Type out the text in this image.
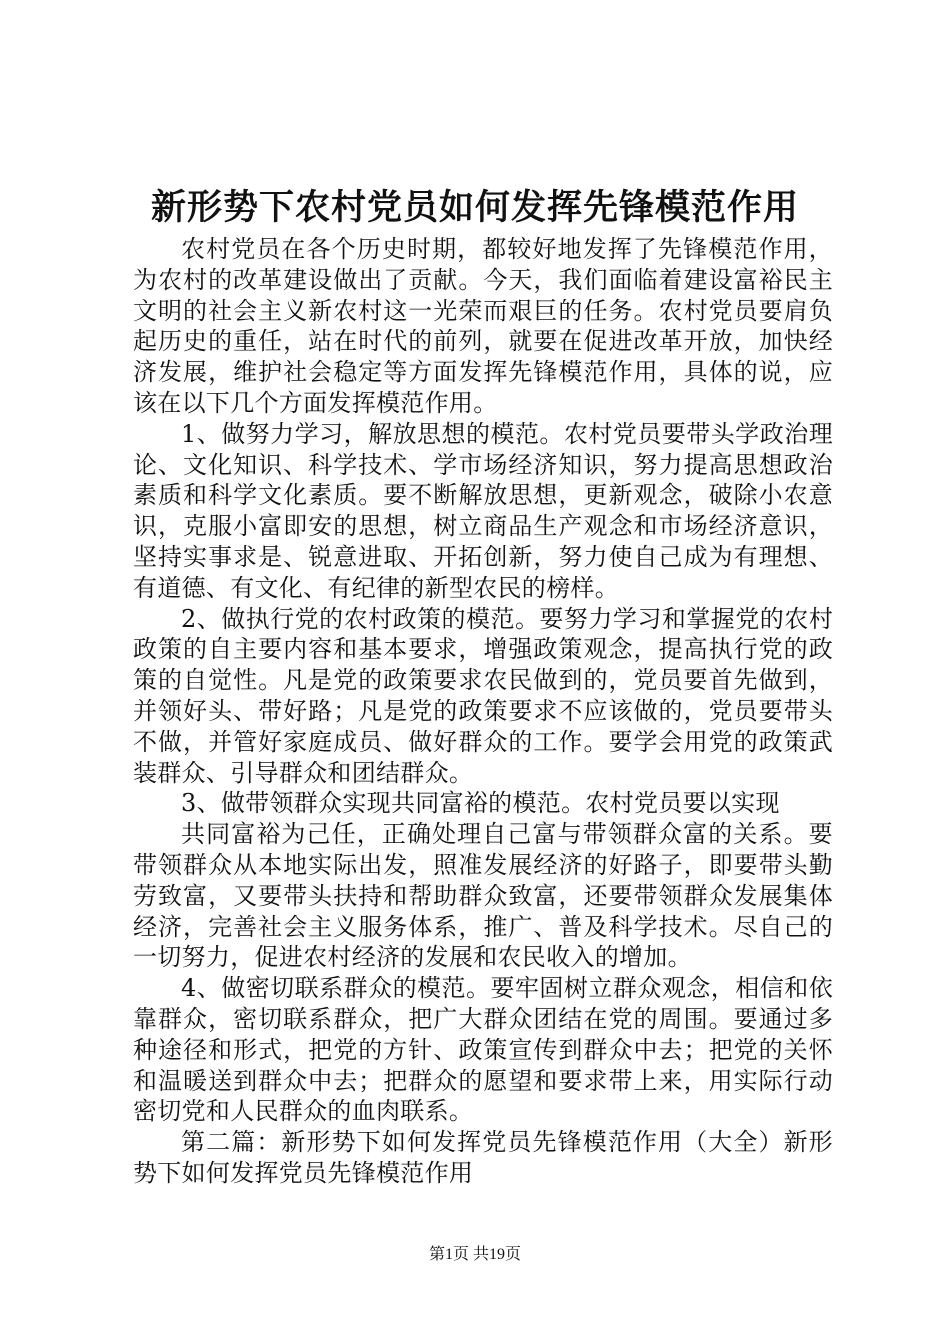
新形势下农村党员如何发挥先锋模范作用

农村党员在各个历史时期，都较好地发挥了先锋模范作用，为农村的改革建设做出了贡献。今天，我们面临着建设富裕民主文明的社会主义新农村这一光荣而艰巨的任务。农村党员要肩负起历史的重任，站在时代的前列，就要在促进改革开放，加快经济发展，维护社会稳定等方面发挥先锋模范作用，具体的说，应该在以下几个方面发挥模范作用。

1、做努力学习，解放思想的模范。农村党员要带头学政治理论、文化知识、科学技术、学市场经济知识，努力提高思想政治素质和科学文化素质。要不断解放思想，更新观念，破除小农意识，克服小富即安的思想，树立商品生产观念和市场经济意识，坚持实事求是、锐意进取、开拓创新，努力使自己成为有理想、有道德、有文化、有纪律的新型农民的榜样。

2、做执行党的农村政策的模范。要努力学习和掌握党的农村政策的自主要内容和基本要求，增强政策观念，提高执行党的政策的自觉性。凡是党的政策要求农民做到的，党员要首先做到，并领好头、带好路；凡是党的政策要求不应该做的，党员要带头不做，并管好家庭成员、做好群众的工作。要学会用党的政策武装群众、引导群众和团结群众。

3、做带领群众实现共同富裕的模范。农村党员要以实现

共同富裕为己任，正确处理自己富与带领群众富的关系。要带领群众从本地实际出发，照准发展经济的好路子，即要带头勤劳致富，又要带头扶持和帮助群众致富，还要带领群众发展集体经济，完善社会主义服务体系，推广、普及科学技术。尽自己的一切努力，促进农村经济的发展和农民收入的增加。

4、做密切联系群众的模范。要牢固树立群众观念，相信和依靠群众，密切联系群众，把广大群众团结在党的周围。要通过多种途径和形式，把党的方针、政策宣传到群众中去；把党的关怀和温暖送到群众中去；把群众的愿望和要求带上来，用实际行动密切党和人民群众的血肉联系。

第二篇：新形势下如何发挥党员先锋模范作用（大全）新形势下如何发挥党员先锋模范作用

第1页 共19页
